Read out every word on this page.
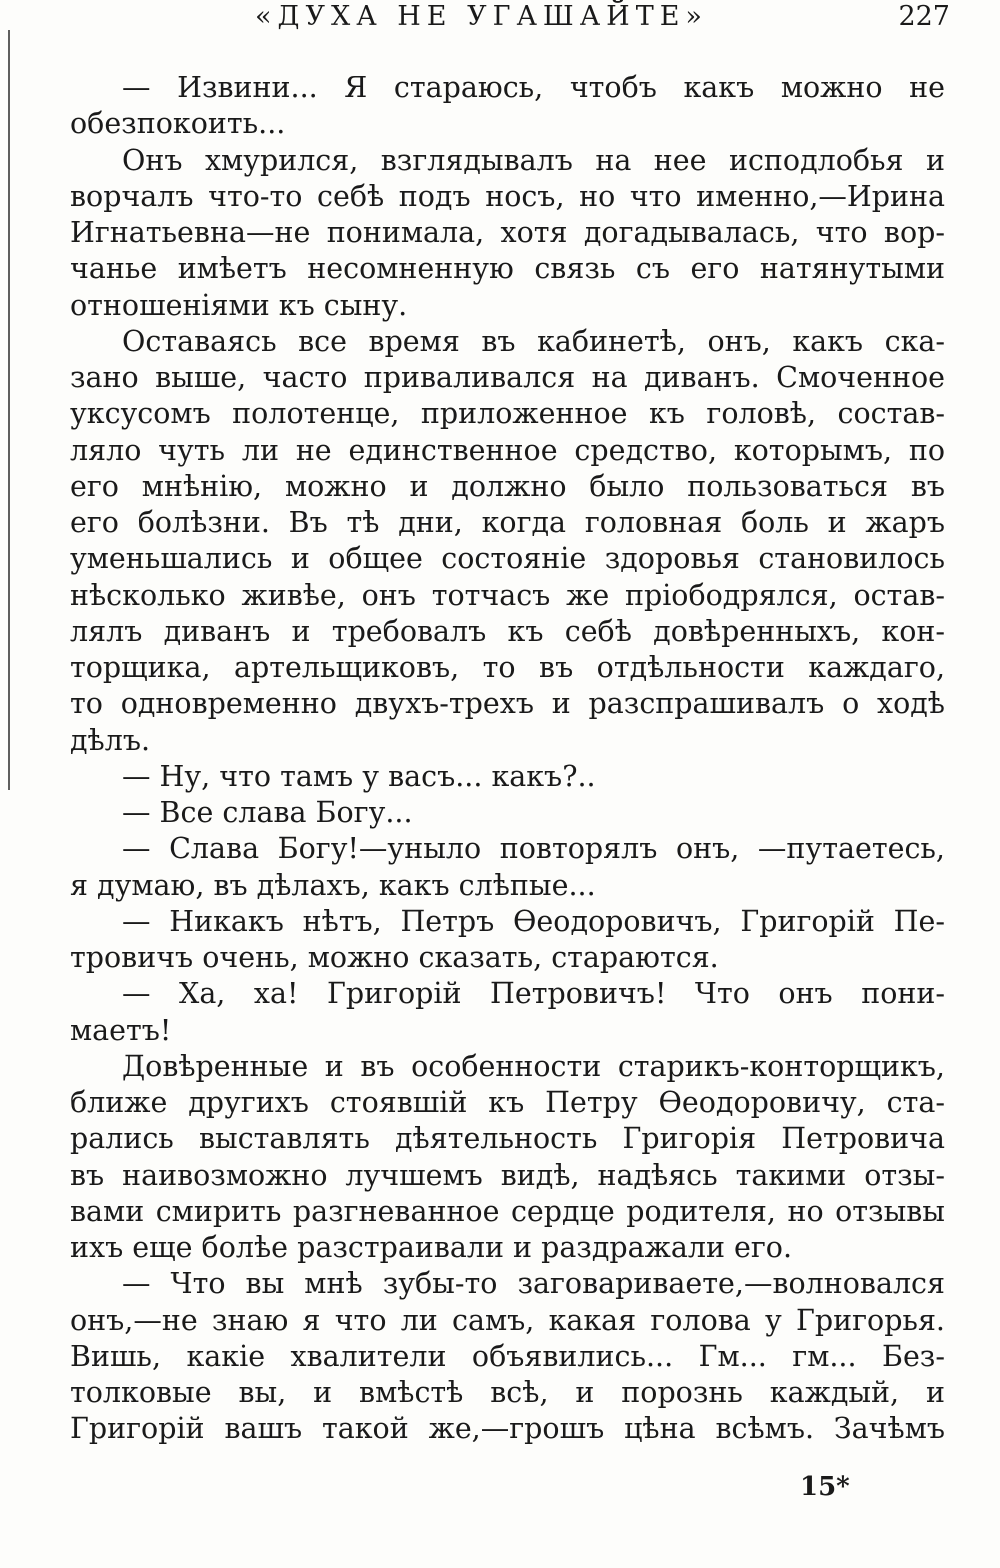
«ДУХА НЕ УГАШАЙТЕ»	227
— Извини... Я стараюсь, чтобъ какъ можно не
обезпокоить...
Онъ хмурился, взглядывалъ на нее исподлобья и
ворчалъ что-то себѣ подъ носъ, но что именно,—Ирина
Игнатьевна—не понимала, хотя догадывалась, что вор-
чанье имѣетъ несомненную связь съ его натянутыми
отношеніями къ сыну.
Оставаясь все время въ кабинетѣ, онъ, какъ ска-
зано выше, часто приваливался на диванъ. Смоченное
уксусомъ полотенце, приложенное къ головѣ, состав-
ляло чуть ли не единственное средство, которымъ, по
его мнѣнію, можно и должно было пользоваться въ
его болѣзни. Въ тѣ дни, когда головная боль и жаръ
уменьшались и общее состояніе здоровья становилось
нѣсколько живѣе, онъ тотчасъ же пріободрялся, остав-
лялъ диванъ и требовалъ къ себѣ довѣренныхъ, кон-
торщика, артельщиковъ, то въ отдѣльности каждаго,
то одновременно двухъ-трехъ и разспрашивалъ о ходѣ
дѣлъ.
— Ну, что тамъ у васъ... какъ?..
— Все слава Богу...
— Слава Богу!—уныло повторялъ онъ, —путаетесь,
я думаю, въ дѣлахъ, какъ слѣпые...
— Никакъ нѣтъ, Петръ Ѳеодоровичъ, Григорій Пе-
тровичъ очень, можно сказать, стараются.
— Ха, ха! Григорій Петровичъ! Что онъ пони-
маетъ!
Довѣренные и въ особенности старикъ-конторщикъ,
ближе другихъ стоявшій къ Петру Ѳеодоровичу, ста-
рались выставлять дѣятельность Григорія Петровича
въ наивозможно лучшемъ видѣ, надѣясь такими отзы-
вами смирить разгневанное сердце родителя, но отзывы
ихъ еще болѣе разстраивали и раздражали его.
— Что вы мнѣ зубы-то заговариваете,—волновался
онъ,—не знаю я что ли самъ, какая голова у Григорья.
Вишь, какіе хвалители объявились... Гм... гм... Без-
толковые вы, и вмѣстѣ всѣ, и порознь каждый, и
Григорій вашъ такой же,—грошъ цѣна всѣмъ. Зачѣмъ
15*
